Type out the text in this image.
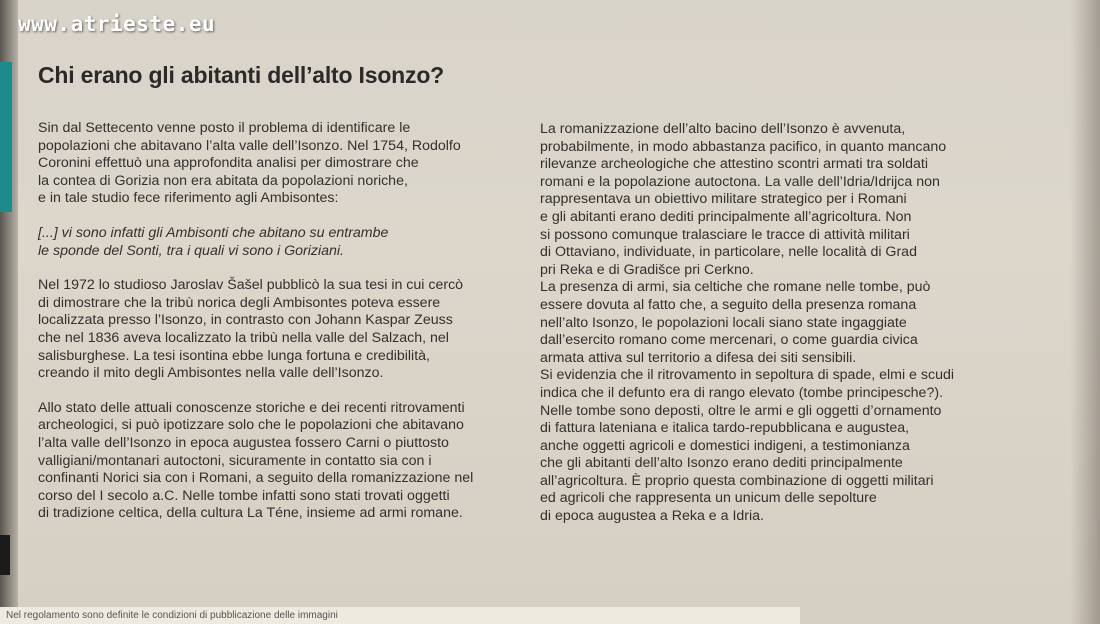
www.atrieste.eu
Chi erano gli abitanti dell’alto Isonzo?

Sin dal Settecento venne posto il problema di identificare le
popolazioni che abitavano l’alta valle dell’Isonzo. Nel 1754, Rodolfo
Coronini effettuò una approfondita analisi per dimostrare che
la contea di Gorizia non era abitata da popolazioni noriche,
e in tale studio fece riferimento agli Ambisontes:

[...] vi sono infatti gli Ambisonti che abitano su entrambe
le sponde del Sonti, tra i quali vi sono i Goriziani.

Nel 1972 lo studioso Jaroslav Šašel pubblicò la sua tesi in cui cercò
di dimostrare che la tribù norica degli Ambisontes poteva essere
localizzata presso l’Isonzo, in contrasto con Johann Kaspar Zeuss
che nel 1836 aveva localizzato la tribù nella valle del Salzach, nel
salisburghese. La tesi isontina ebbe lunga fortuna e credibilità,
creando il mito degli Ambisontes nella valle dell’Isonzo.

Allo stato delle attuali conoscenze storiche e dei recenti ritrovamenti
archeologici, si può ipotizzare solo che le popolazioni che abitavano
l’alta valle dell’Isonzo in epoca augustea fossero Carni o piuttosto
valligiani/montanari autoctoni, sicuramente in contatto sia con i
confinanti Norici sia con i Romani, a seguito della romanizzazione nel
corso del I secolo a.C. Nelle tombe infatti sono stati trovati oggetti
di tradizione celtica, della cultura La Téne, insieme ad armi romane.

La romanizzazione dell’alto bacino dell’Isonzo è avvenuta,
probabilmente, in modo abbastanza pacifico, in quanto mancano
rilevanze archeologiche che attestino scontri armati tra soldati
romani e la popolazione autoctona. La valle dell’Idria/Idrijca non
rappresentava un obiettivo militare strategico per i Romani
e gli abitanti erano dediti principalmente all’agricoltura. Non
si possono comunque tralasciare le tracce di attività militari
di Ottaviano, individuate, in particolare, nelle località di Grad
pri Reka e di Gradišce pri Cerkno.

La presenza di armi, sia celtiche che romane nelle tombe, può
essere dovuta al fatto che, a seguito della presenza romana
nell’alto Isonzo, le popolazioni locali siano state ingaggiate
dall’esercito romano come mercenari, o come guardia civica
armata attiva sul territorio a difesa dei siti sensibili.

Si evidenzia che il ritrovamento in sepoltura di spade, elmi e scudi
indica che il defunto era di rango elevato (tombe principesche?).
Nelle tombe sono deposti, oltre le armi e gli oggetti d’ornamento
di fattura lateniana e italica tardo-repubblicana e augustea,
anche oggetti agricoli e domestici indigeni, a testimonianza
che gli abitanti dell’alto Isonzo erano dediti principalmente
all’agricoltura. È proprio questa combinazione di oggetti militari
ed agricoli che rappresenta un unicum delle sepolture
di epoca augustea a Reka e a Idria.

Nel regolamento sono definite le condizioni di pubblicazione delle immagini
